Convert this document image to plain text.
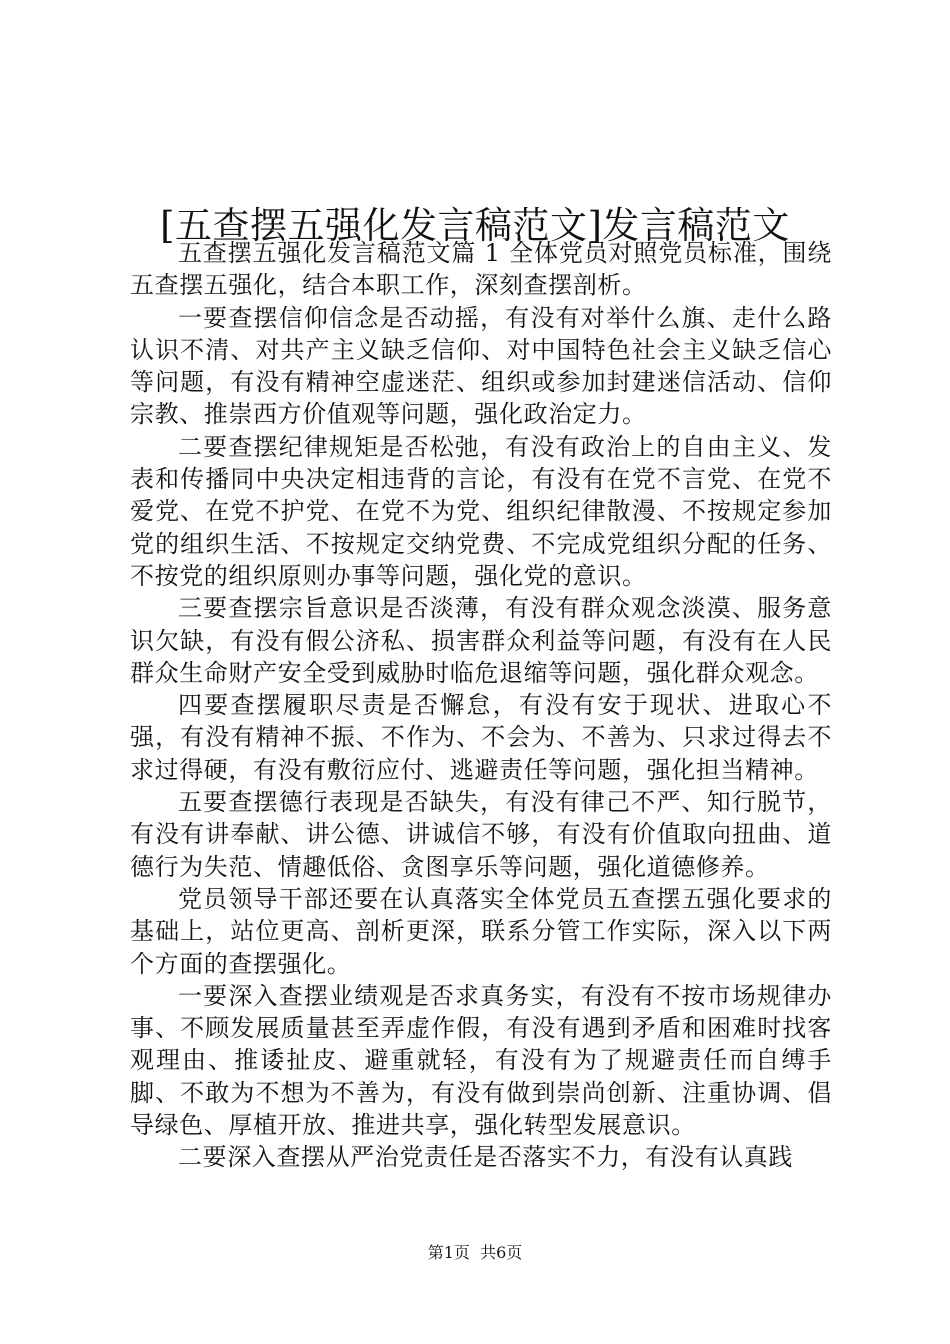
[五查摆五强化发言稿范文]发言稿范文

五查摆五强化发言稿范文篇 1 全体党员对照党员标准，围绕五查摆五强化，结合本职工作，深刻查摆剖析。

一要查摆信仰信念是否动摇，有没有对举什么旗、走什么路认识不清、对共产主义缺乏信仰、对中国特色社会主义缺乏信心等问题，有没有精神空虚迷茫、组织或参加封建迷信活动、信仰宗教、推崇西方价值观等问题，强化政治定力。

二要查摆纪律规矩是否松弛，有没有政治上的自由主义、发表和传播同中央决定相违背的言论，有没有在党不言党、在党不爱党、在党不护党、在党不为党、组织纪律散漫、不按规定参加党的组织生活、不按规定交纳党费、不完成党组织分配的任务、不按党的组织原则办事等问题，强化党的意识。

三要查摆宗旨意识是否淡薄，有没有群众观念淡漠、服务意识欠缺，有没有假公济私、损害群众利益等问题，有没有在人民群众生命财产安全受到威胁时临危退缩等问题，强化群众观念。

四要查摆履职尽责是否懈怠，有没有安于现状、进取心不强，有没有精神不振、不作为、不会为、不善为、只求过得去不求过得硬，有没有敷衍应付、逃避责任等问题，强化担当精神。

五要查摆德行表现是否缺失，有没有律己不严、知行脱节，有没有讲奉献、讲公德、讲诚信不够，有没有价值取向扭曲、道德行为失范、情趣低俗、贪图享乐等问题，强化道德修养。

党员领导干部还要在认真落实全体党员五查摆五强化要求的基础上，站位更高、剖析更深，联系分管工作实际，深入以下两个方面的查摆强化。

一要深入查摆业绩观是否求真务实，有没有不按市场规律办事、不顾发展质量甚至弄虚作假，有没有遇到矛盾和困难时找客观理由、推诿扯皮、避重就轻，有没有为了规避责任而自缚手脚、不敢为不想为不善为，有没有做到崇尚创新、注重协调、倡导绿色、厚植开放、推进共享，强化转型发展意识。

二要深入查摆从严治党责任是否落实不力，有没有认真践

第1页  共6页
